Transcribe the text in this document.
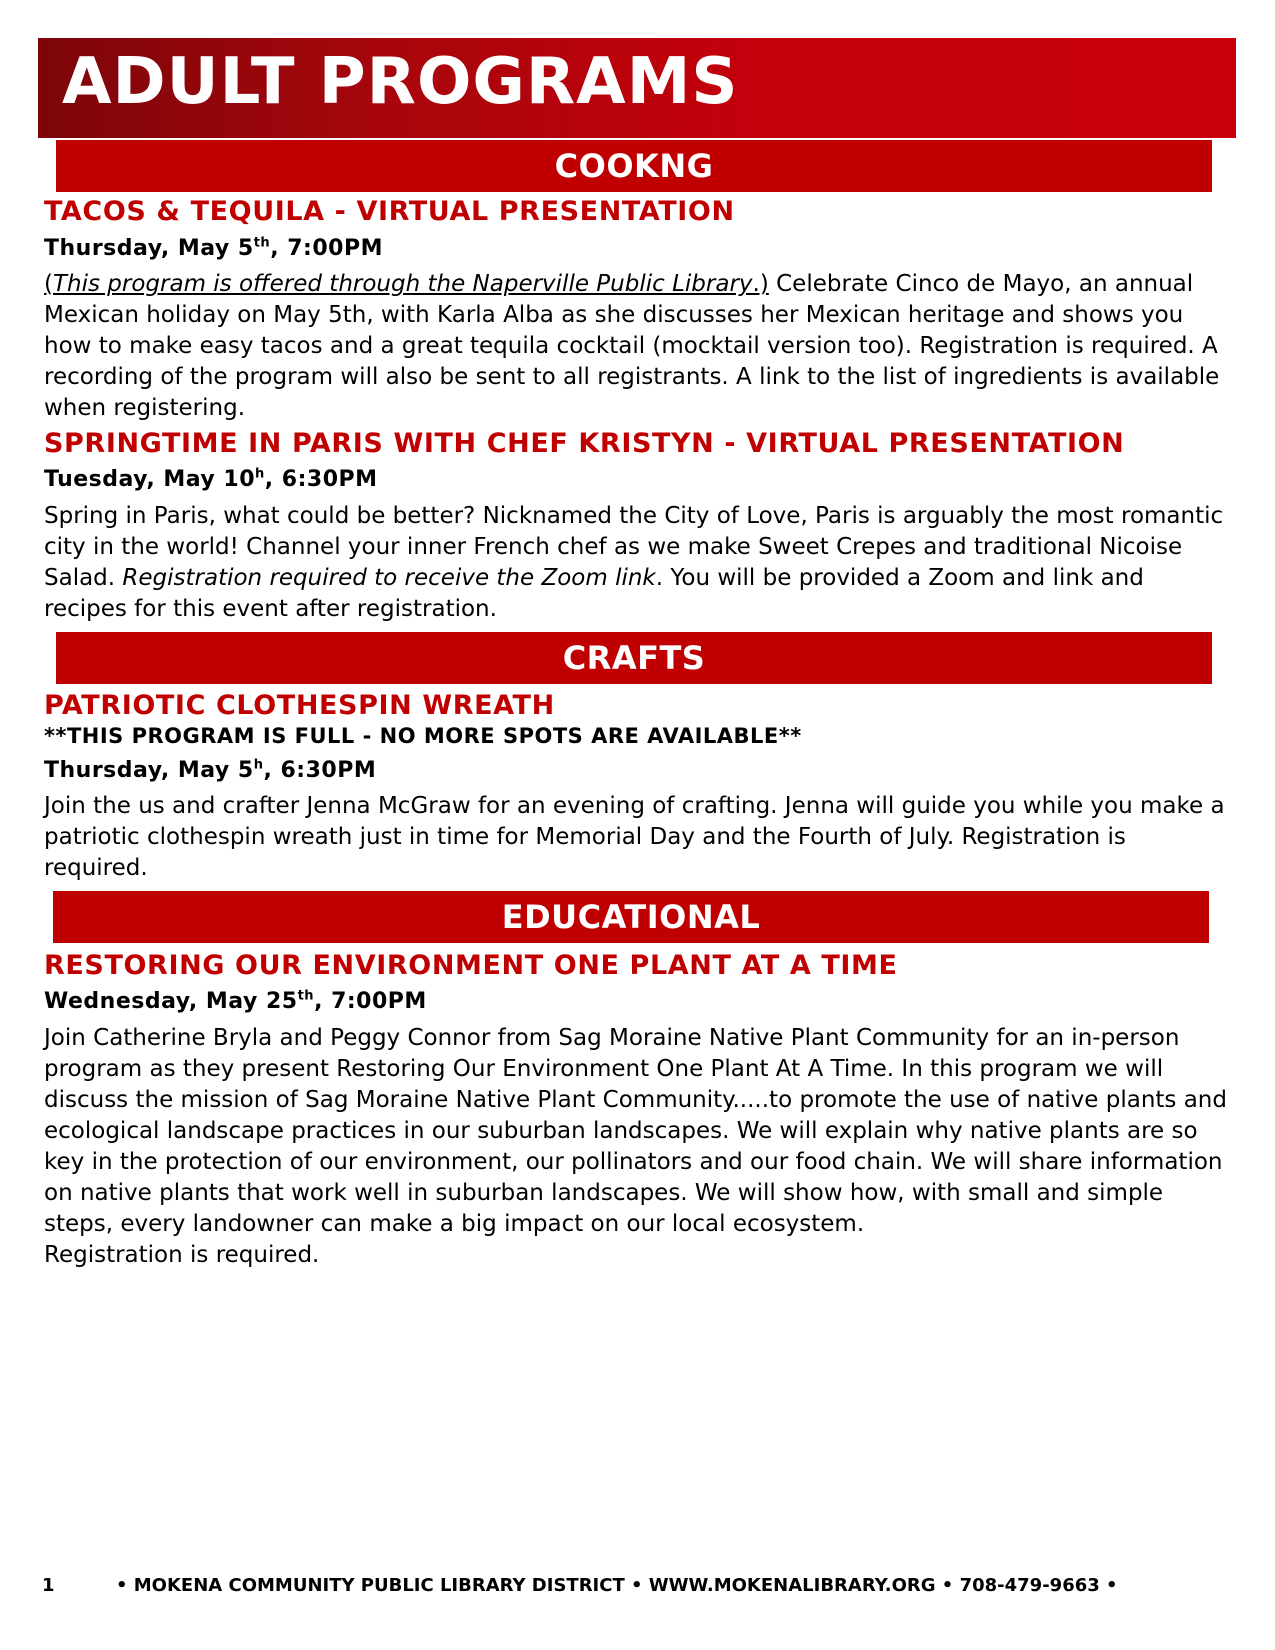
ADULT PROGRAMS
COOKNG
TACOS & TEQUILA - VIRTUAL PRESENTATION

Thursday, May 5th, 7:00PM

(This program is offered through the Naperville Public Library.) Celebrate Cinco de Mayo, an annual Mexican holiday on May 5th, with Karla Alba as she discusses her Mexican heritage and shows you how to make easy tacos and a great tequila cocktail (mocktail version too). Registration is required. A recording of the program will also be sent to all registrants. A link to the list of ingredients is available when registering.

SPRINGTIME IN PARIS WITH CHEF KRISTYN - VIRTUAL PRESENTATION

Tuesday, May 10$^h$, 6:30PM

Spring in Paris, what could be better? Nicknamed the City of Love, Paris is arguably the most romantic city in the world! Channel your inner French chef as we make Sweet Crepes and traditional Nicoise Salad. Registration required to receive the Zoom link. You will be provided a Zoom and link and recipes for this event after registration.

CRAFTS
PATRIOTIC CLOTHESPIN WREATH

**THIS PROGRAM IS FULL - NO MORE SPOTS ARE AVAILABLE**

Thursday, May 5$^h$, 6:30PM

Join the us and crafter Jenna McGraw for an evening of crafting. Jenna will guide you while you make a patriotic clothespin wreath just in time for Memorial Day and the Fourth of July. Registration is required.

EDUCATIONAL
RESTORING OUR ENVIRONMENT ONE PLANT AT A TIME

Wednesday, May 25th, 7:00PM

Join Catherine Bryla and Peggy Connor from Sag Moraine Native Plant Community for an in-person program as they present Restoring Our Environment One Plant At A Time. In this program we will discuss the mission of Sag Moraine Native Plant Community.....to promote the use of native plants and ecological landscape practices in our suburban landscapes. We will explain why native plants are so key in the protection of our environment, our pollinators and our food chain. We will share information on native plants that work well in suburban landscapes. We will show how, with small and simple steps, every landowner can make a big impact on our local ecosystem.
Registration is required.

1	• MOKENA COMMUNITY PUBLIC LIBRARY DISTRICT • WWW.MOKENALIBRARY.ORG • 708-479-9663 •
